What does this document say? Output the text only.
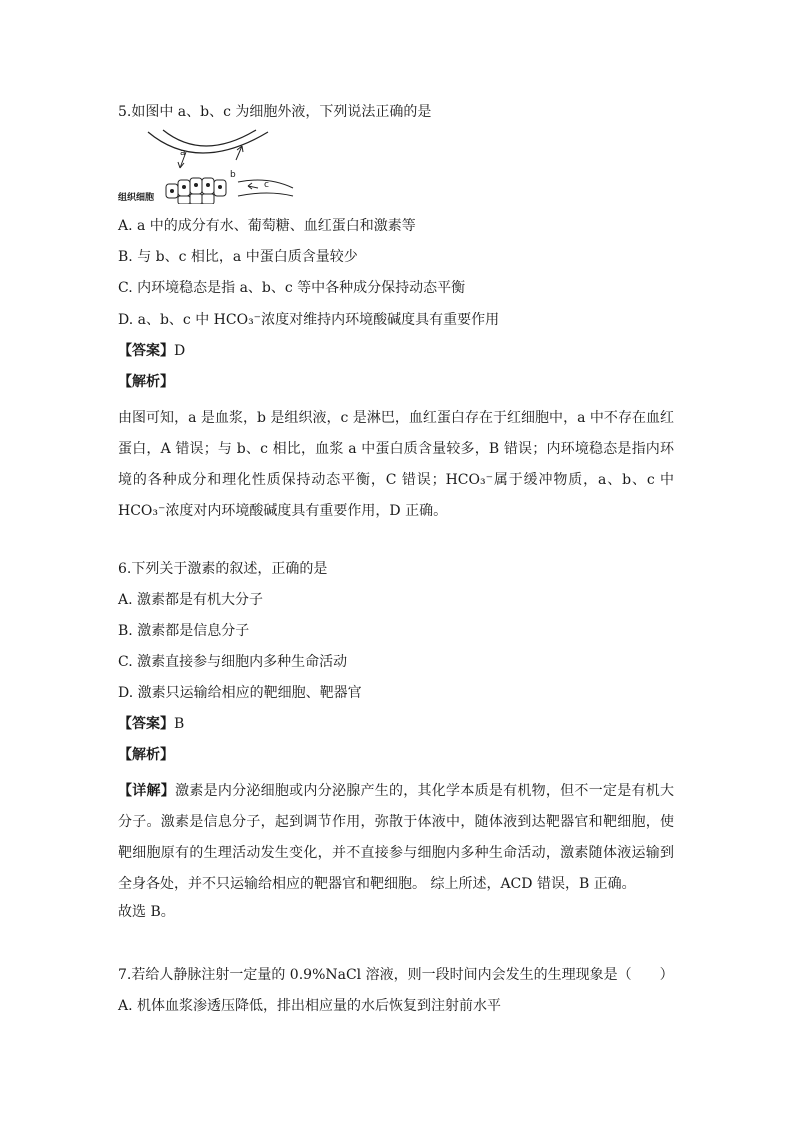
5.如图中 a、b、c 为细胞外液，下列说法正确的是
a
b
c
组织细胞
A. a 中的成分有水、葡萄糖、血红蛋白和激素等
B. 与 b、c 相比，a 中蛋白质含量较少
C. 内环境稳态是指 a、b、c 等中各种成分保持动态平衡
D. a、b、c 中 HCO₃⁻浓度对维持内环境酸碱度具有重要作用
【答案】D
【解析】
由图可知，a 是血浆，b 是组织液，c 是淋巴，血红蛋白存在于红细胞中，a 中不存在血红蛋白，A 错误；与 b、c 相比，血浆 a 中蛋白质含量较多，B 错误；内环境稳态是指内环境的各种成分和理化性质保持动态平衡，C 错误；HCO₃⁻属于缓冲物质，a、b、c 中 HCO₃⁻浓度对内环境酸碱度具有重要作用，D 正确。
6.下列关于激素的叙述，正确的是
A. 激素都是有机大分子
B. 激素都是信息分子
C. 激素直接参与细胞内多种生命活动
D. 激素只运输给相应的靶细胞、靶器官
【答案】B
【解析】
【详解】激素是内分泌细胞或内分泌腺产生的，其化学本质是有机物，但不一定是有机大分子。激素是信息分子，起到调节作用，弥散于体液中，随体液到达靶器官和靶细胞，使靶细胞原有的生理活动发生变化，并不直接参与细胞内多种生命活动，激素随体液运输到全身各处，并不只运输给相应的靶器官和靶细胞。 综上所述，ACD 错误，B 正确。
故选 B。
7.若给人静脉注射一定量的 0.9%NaCl 溶液，则一段时间内会发生的生理现象是（　　）
A. 机体血浆渗透压降低，排出相应量的水后恢复到注射前水平
